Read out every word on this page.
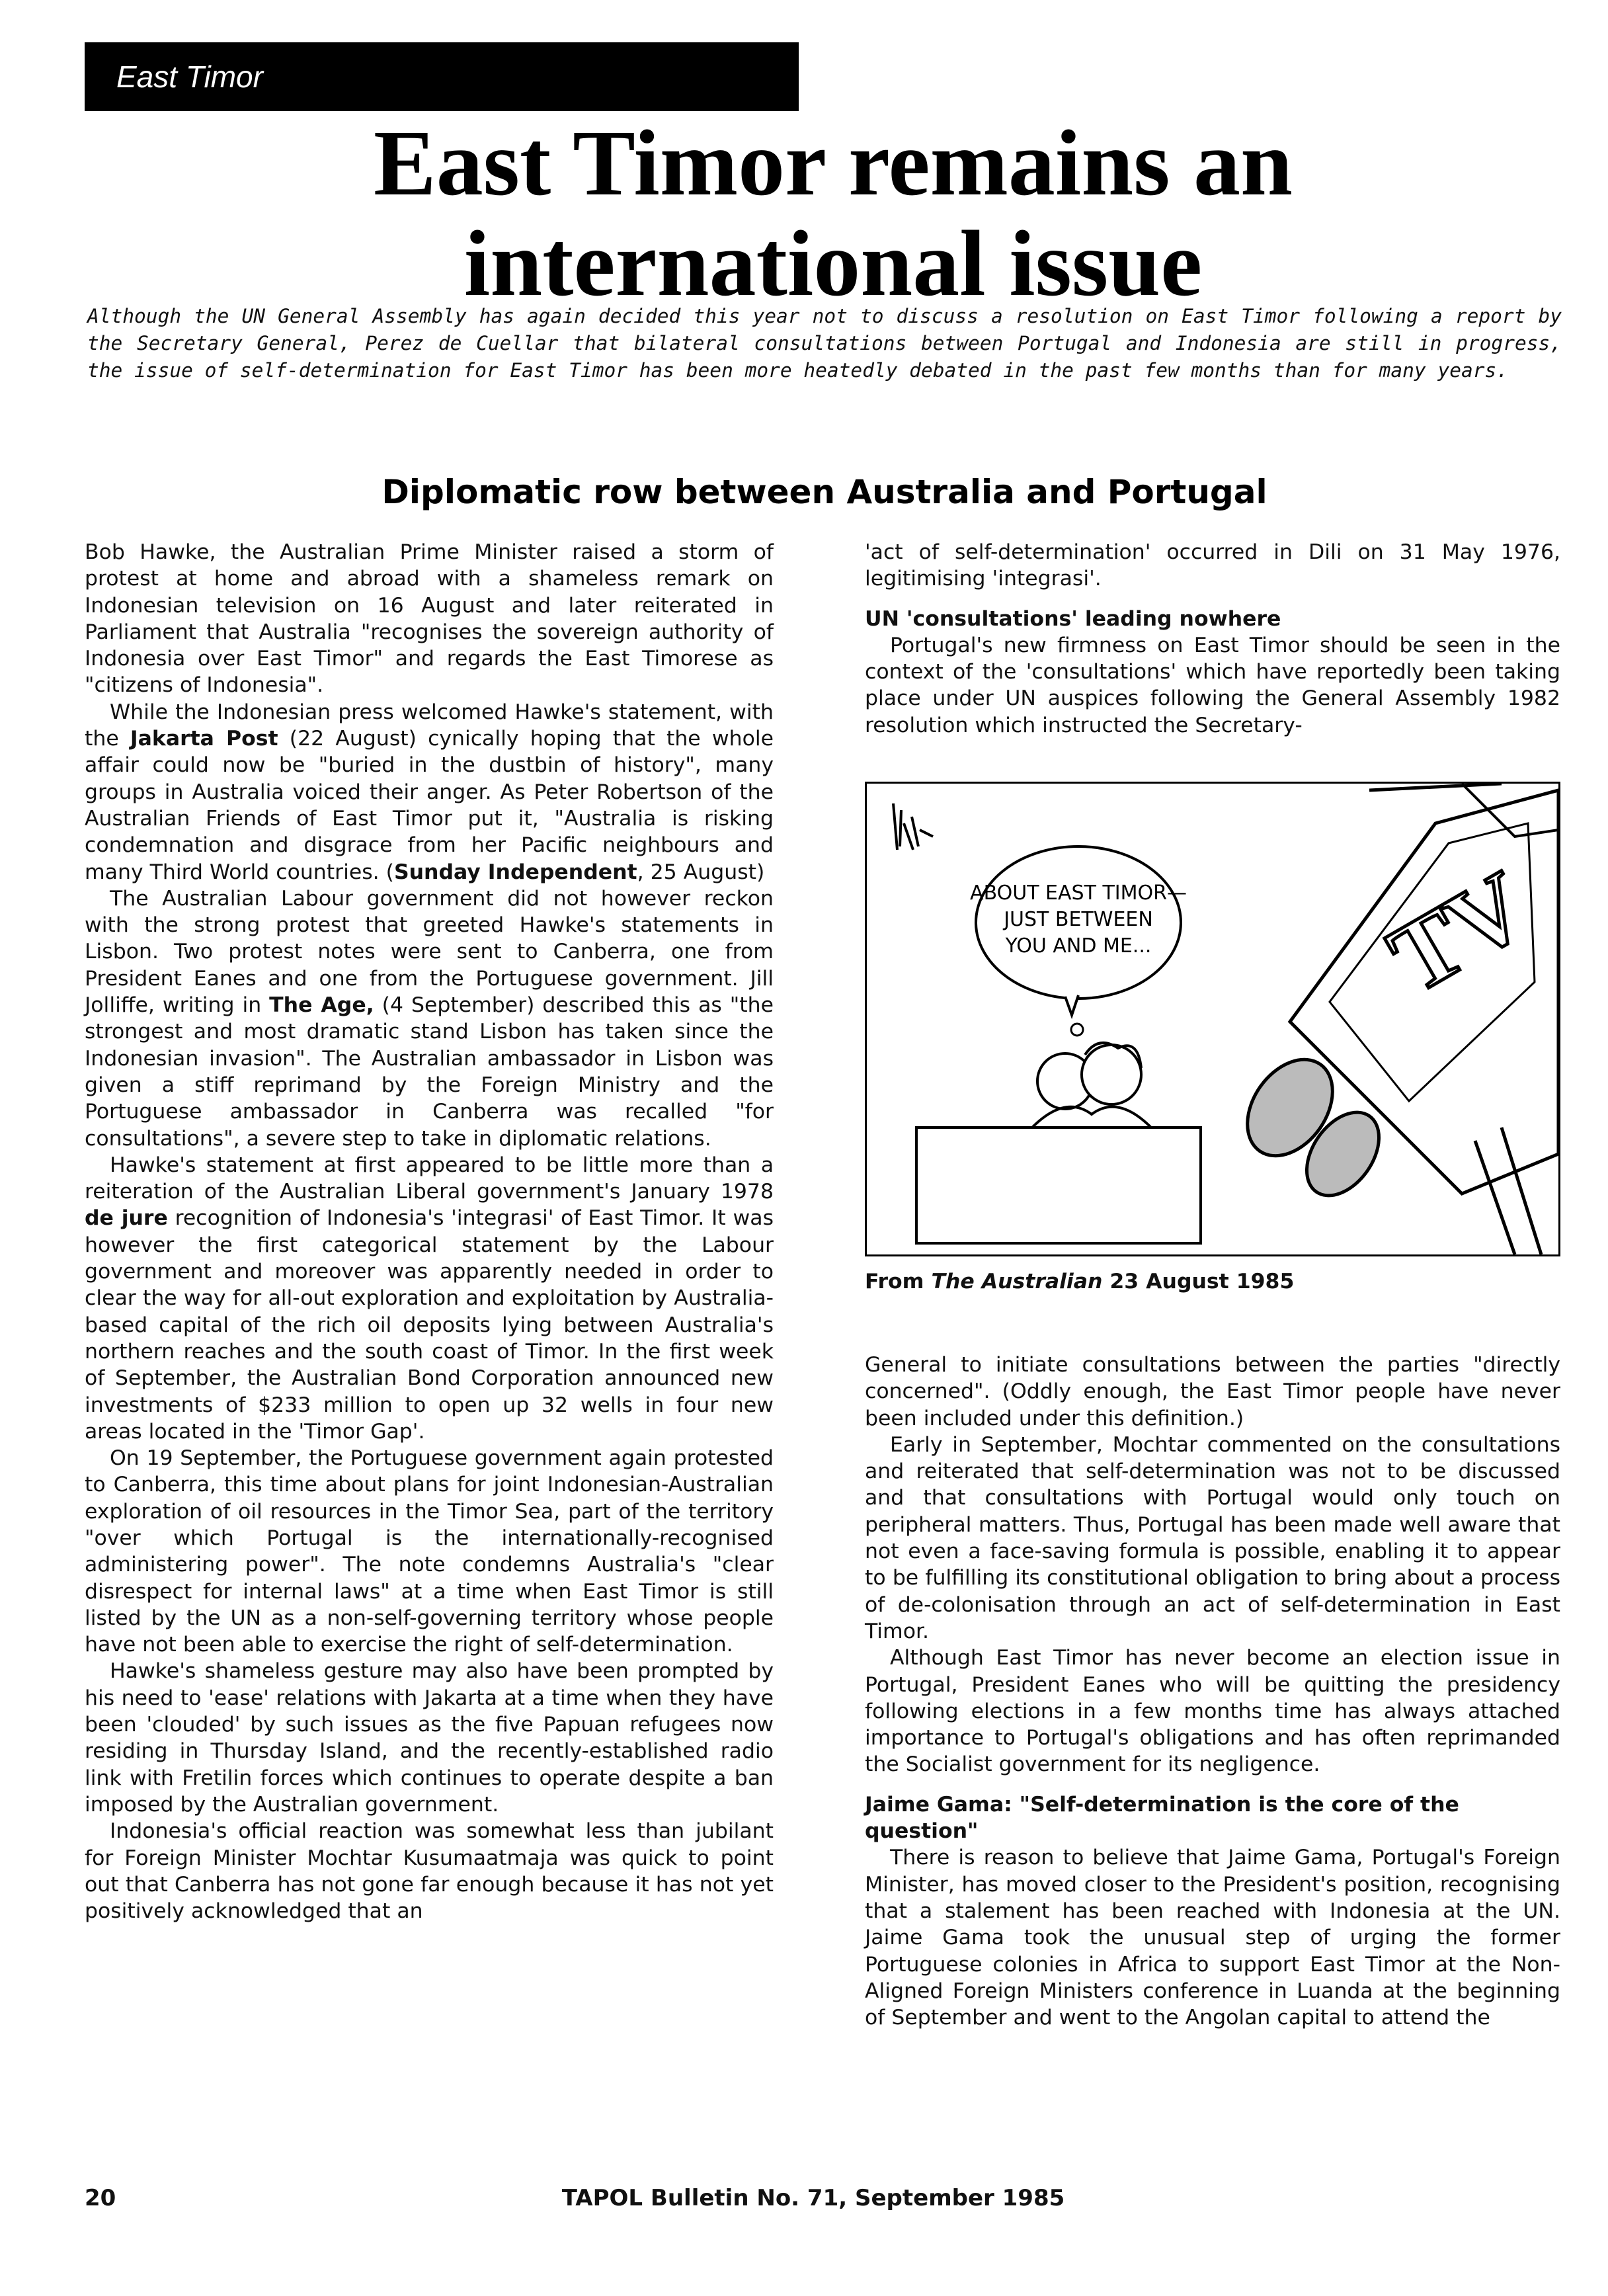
East Timor
East Timor remains an
international issue

Although the UN General Assembly has again decided this year not to discuss a resolution on East Timor following a report by the Secretary General, Perez de Cuellar that bilateral consultations between Portugal and Indonesia are still in progress, the issue of self-determination for East Timor has been more heatedly debated in the past few months than for many years.

Diplomatic row between Australia and Portugal

Bob Hawke, the Australian Prime Minister raised a storm of protest at home and abroad with a shameless remark on Indonesian television on 16 August and later reiterated in Parliament that Australia "recognises the sovereign authority of Indonesia over East Timor" and regards the East Timorese as "citizens of Indonesia".

While the Indonesian press welcomed Hawke's statement, with the Jakarta Post (22 August) cynically hoping that the whole affair could now be "buried in the dustbin of history", many groups in Australia voiced their anger. As Peter Robertson of the Australian Friends of East Timor put it, "Australia is risking condemnation and disgrace from her Pacific neighbours and many Third World countries. (Sunday Independent, 25 August)

The Australian Labour government did not however reckon with the strong protest that greeted Hawke's statements in Lisbon. Two protest notes were sent to Canberra, one from President Eanes and one from the Portuguese government. Jill Jolliffe, writing in The Age, (4 September) described this as "the strongest and most dramatic stand Lisbon has taken since the Indonesian invasion". The Australian ambassador in Lisbon was given a stiff reprimand by the Foreign Ministry and the Portuguese ambassador in Canberra was recalled "for consultations", a severe step to take in diplomatic relations.

Hawke's statement at first appeared to be little more than a reiteration of the Australian Liberal government's January 1978 de jure recognition of Indonesia's 'integrasi' of East Timor. It was however the first categorical statement by the Labour government and moreover was apparently needed in order to clear the way for all-out exploration and exploitation by Australia-based capital of the rich oil deposits lying between Australia's northern reaches and the south coast of Timor. In the first week of September, the Australian Bond Corporation announced new investments of $233 million to open up 32 wells in four new areas located in the 'Timor Gap'.

On 19 September, the Portuguese government again protested to Canberra, this time about plans for joint Indonesian-Australian exploration of oil resources in the Timor Sea, part of the territory "over which Portugal is the internationally-recognised administering power". The note condemns Australia's "clear disrespect for internal laws" at a time when East Timor is still listed by the UN as a non-self-governing territory whose people have not been able to exercise the right of self-determination.

Hawke's shameless gesture may also have been prompted by his need to 'ease' relations with Jakarta at a time when they have been 'clouded' by such issues as the five Papuan refugees now residing in Thursday Island, and the recently-established radio link with Fretilin forces which continues to operate despite a ban imposed by the Australian government.

Indonesia's official reaction was somewhat less than jubilant for Foreign Minister Mochtar Kusumaatmaja was quick to point out that Canberra has not gone far enough because it has not yet positively acknowledged that an

'act of self-determination' occurred in Dili on 31 May 1976, legitimising 'integrasi'.

UN 'consultations' leading nowhere

Portugal's new firmness on East Timor should be seen in the context of the 'consultations' which have reportedly been taking place under UN auspices following the General Assembly 1982 resolution which instructed the Secretary-

TV
ABOUT EAST TIMOR—
JUST BETWEEN
YOU AND ME...
From The Australian 23 August 1985

General to initiate consultations between the parties "directly concerned". (Oddly enough, the East Timor people have never been included under this definition.)

Early in September, Mochtar commented on the consultations and reiterated that self-determination was not to be discussed and that consultations with Portugal would only touch on peripheral matters. Thus, Portugal has been made well aware that not even a face-saving formula is possible, enabling it to appear to be fulfilling its constitutional obligation to bring about a process of de-colonisation through an act of self-determination in East Timor.

Although East Timor has never become an election issue in Portugal, President Eanes who will be quitting the presidency following elections in a few months time has always attached importance to Portugal's obligations and has often reprimanded the Socialist government for its negligence.

Jaime Gama: "Self-determination is the core of the question"

There is reason to believe that Jaime Gama, Portugal's Foreign Minister, has moved closer to the President's position, recognising that a stalement has been reached with Indonesia at the UN. Jaime Gama took the unusual step of urging the former Portuguese colonies in Africa to support East Timor at the Non-Aligned Foreign Ministers conference in Luanda at the beginning of September and went to the Angolan capital to attend the

20	TAPOL Bulletin No. 71, September 1985
